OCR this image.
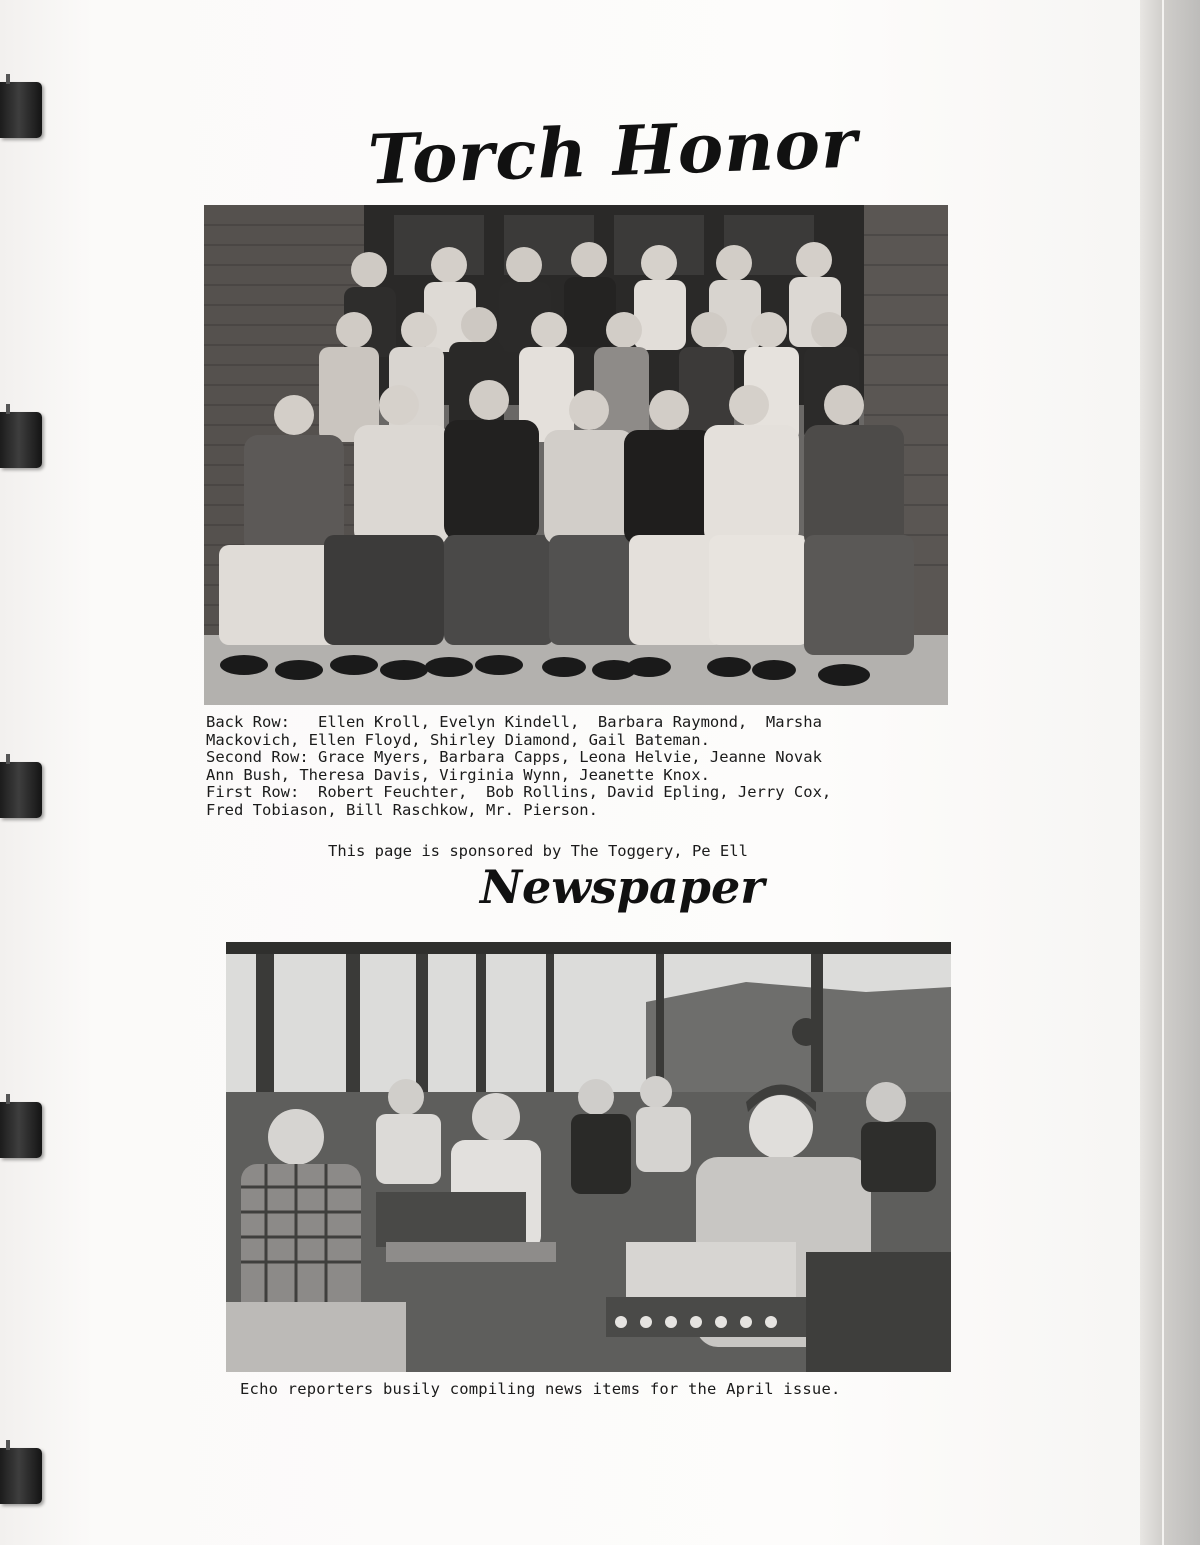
Torch Honor

Back Row:   Ellen Kroll, Evelyn Kindell,  Barbara Raymond,  Marsha
Mackovich, Ellen Floyd, Shirley Diamond, Gail Bateman.
Second Row: Grace Myers, Barbara Capps, Leona Helvie, Jeanne Novak
Ann Bush, Theresa Davis, Virginia Wynn, Jeanette Knox.
First Row:  Robert Feuchter,  Bob Rollins, David Epling, Jerry Cox,
Fred Tobiason, Bill Raschkow, Mr. Pierson.

This page is sponsored by The Toggery, Pe Ell

Newspaper

Echo reporters busily compiling news items for the April issue.
